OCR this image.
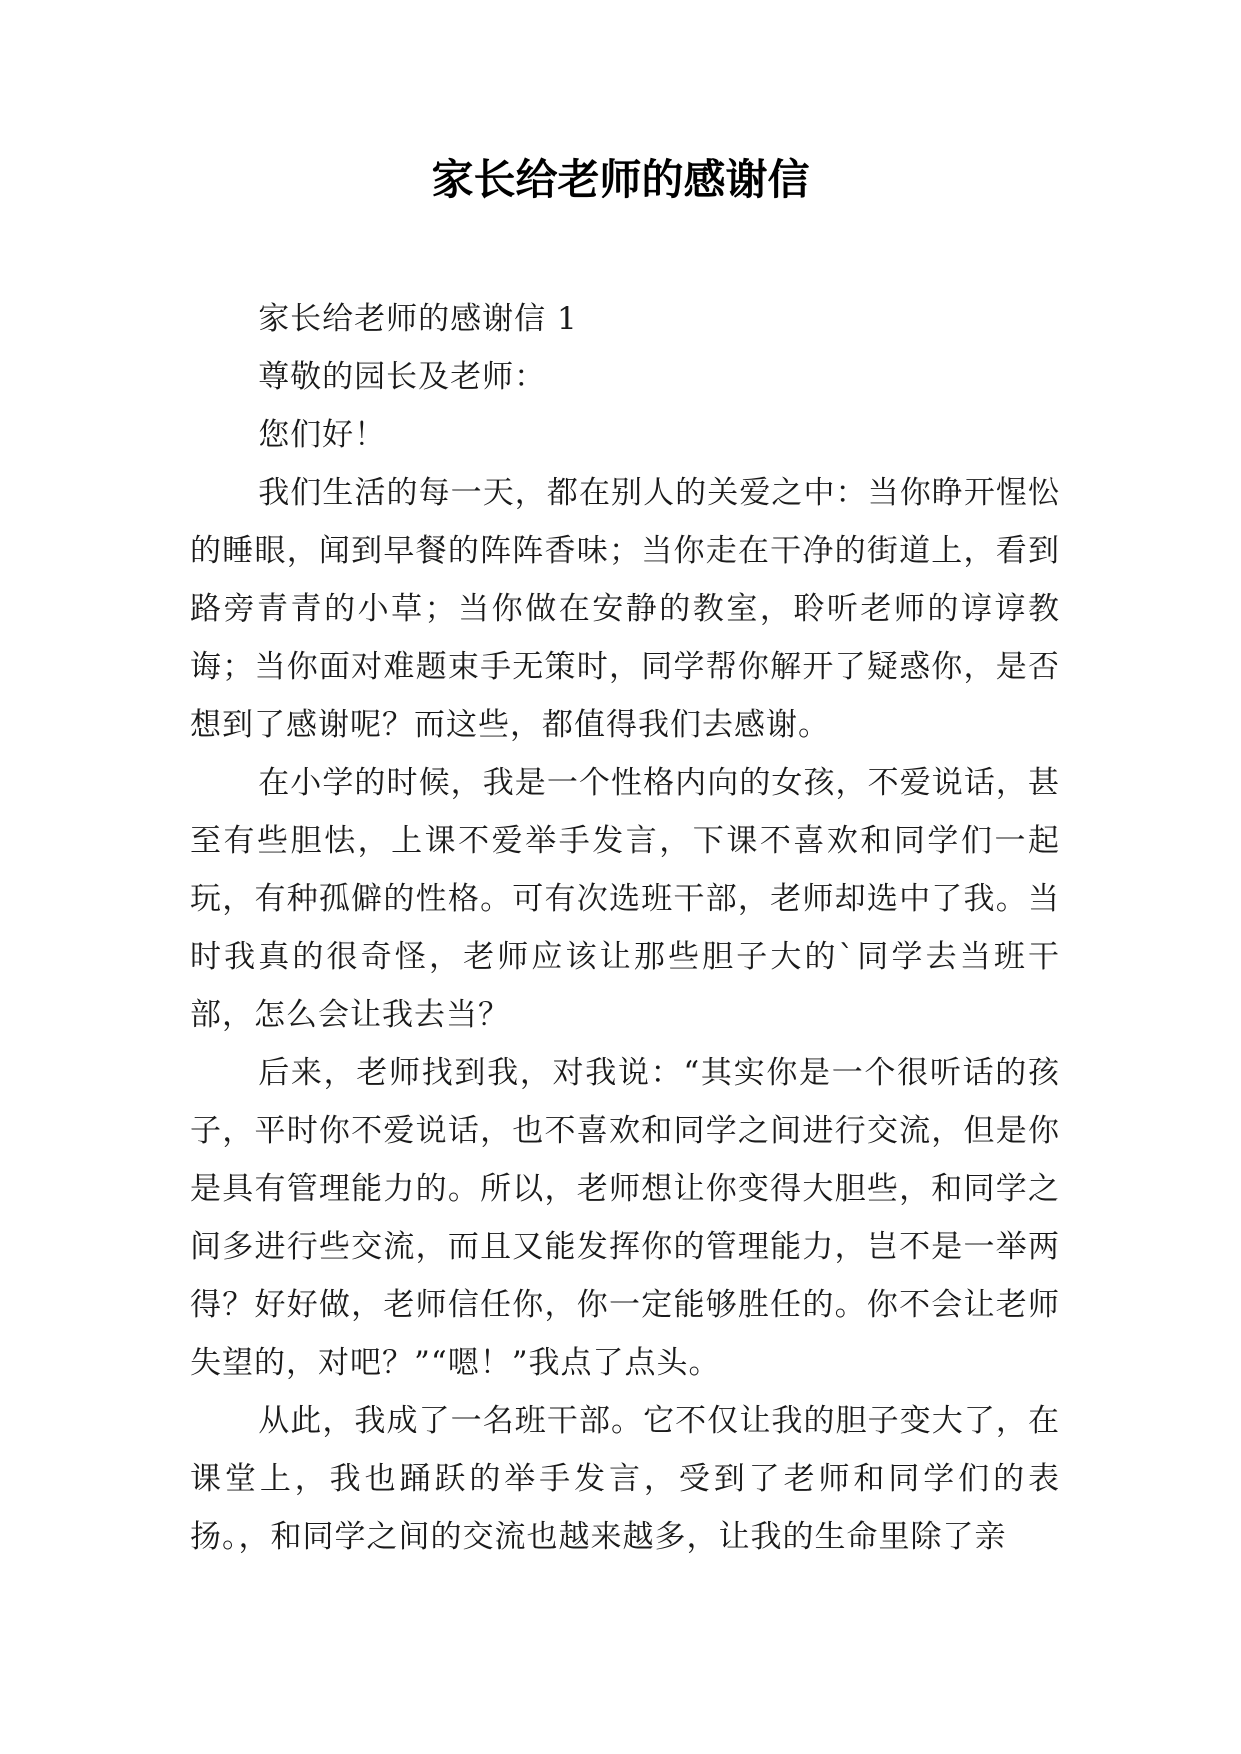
家长给老师的感谢信

家长给老师的感谢信 1

尊敬的园长及老师：

您们好！

我们生活的每一天，都在别人的关爱之中：当你睁开惺忪的睡眼，闻到早餐的阵阵香味；当你走在干净的街道上，看到路旁青青的小草；当你做在安静的教室，聆听老师的谆谆教诲；当你面对难题束手无策时，同学帮你解开了疑惑你，是否想到了感谢呢？而这些，都值得我们去感谢。

在小学的时候，我是一个性格内向的女孩，不爱说话，甚至有些胆怯，上课不爱举手发言，下课不喜欢和同学们一起玩，有种孤僻的性格。可有次选班干部，老师却选中了我。当时我真的很奇怪，老师应该让那些胆子大的`同学去当班干部，怎么会让我去当？

后来，老师找到我，对我说：“其实你是一个很听话的孩子，平时你不爱说话，也不喜欢和同学之间进行交流，但是你是具有管理能力的。所以，老师想让你变得大胆些，和同学之间多进行些交流，而且又能发挥你的管理能力，岂不是一举两得？好好做，老师信任你，你一定能够胜任的。你不会让老师失望的，对吧？”“嗯！”我点了点头。

从此，我成了一名班干部。它不仅让我的胆子变大了，在课堂上，我也踊跃的举手发言，受到了老师和同学们的表扬。，和同学之间的交流也越来越多，让我的生命里除了亲
